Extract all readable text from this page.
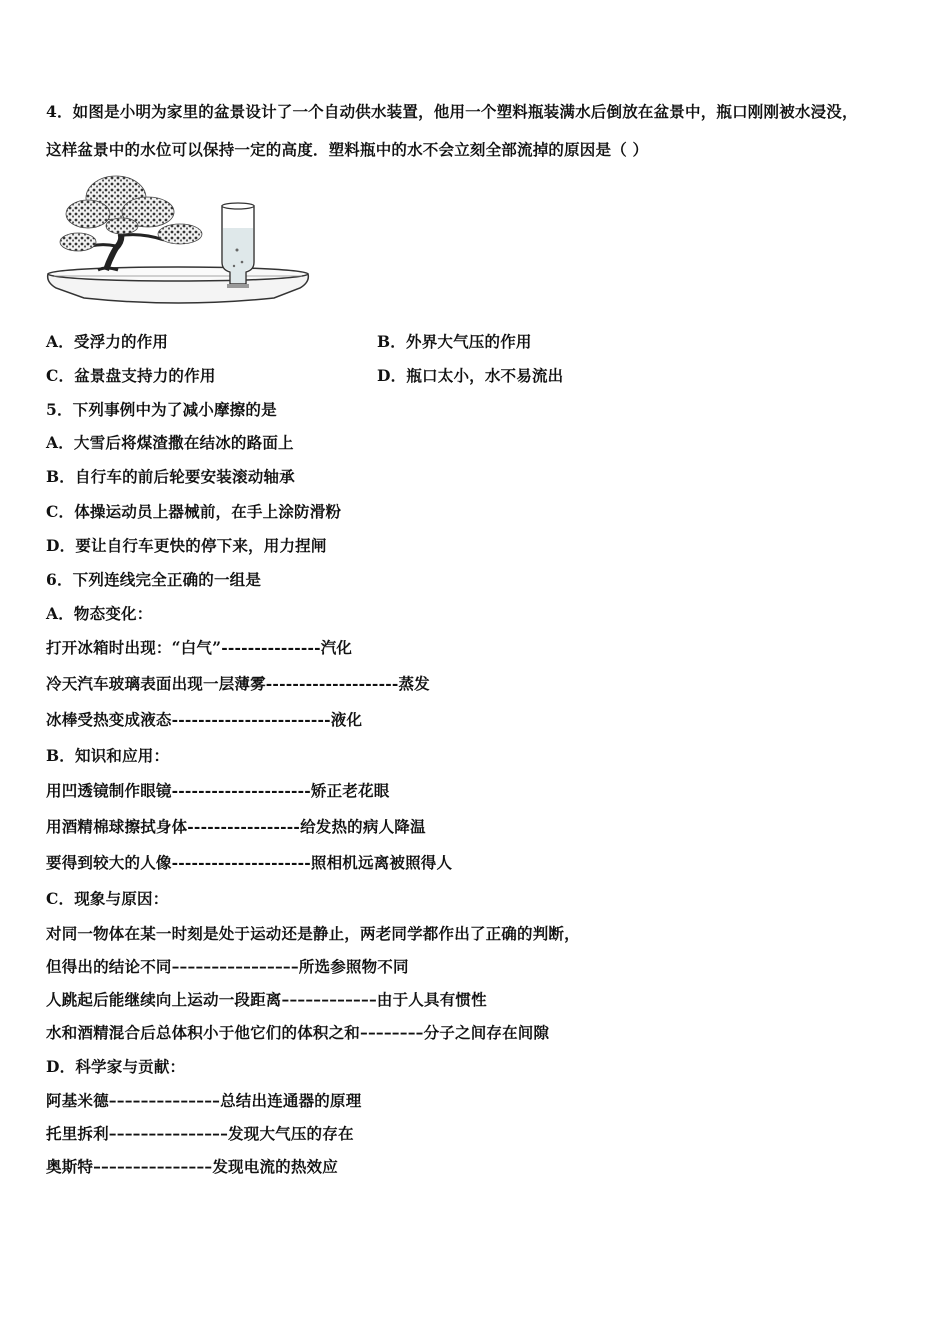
4．如图是小明为家里的盆景设计了一个自动供水装置，他用一个塑料瓶装满水后倒放在盆景中，瓶口刚刚被水浸没，
这样盆景中的水位可以保持一定的高度．塑料瓶中的水不会立刻全部流掉的原因是（ ）
A．受浮力的作用	B．外界大气压的作用
C．盆景盘支持力的作用	D．瓶口太小，水不易流出
5．下列事例中为了减小摩擦的是
A．大雪后将煤渣撒在结冰的路面上
B．自行车的前后轮要安装滚动轴承
C．体操运动员上器械前，在手上涂防滑粉
D．要让自行车更快的停下来，用力捏闸
6．下列连线完全正确的一组是
A．物态变化：
打开冰箱时出现：“白气”---------------汽化
冷天汽车玻璃表面出现一层薄雾--------------------蒸发
冰棒受热变成液态------------------------液化
B．知识和应用：
用凹透镜制作眼镜---------------------矫正老花眼
用酒精棉球擦拭身体-----------------给发热的病人降温
要得到较大的人像---------------------照相机远离被照得人
C．现象与原因：
对同一物体在某一时刻是处于运动还是静止，两老同学都作出了正确的判断，
但得出的结论不同––––––––––––––––所选参照物不同
人跳起后能继续向上运动一段距离––––––––––––由于人具有惯性
水和酒精混合后总体积小于他它们的体积之和––––––––分子之间存在间隙
D．科学家与贡献：
阿基米德––––––––––––––总结出连通器的原理
托里拆利–––––––––––––––发现大气压的存在
奥斯特–––––––––––––––发现电流的热效应
